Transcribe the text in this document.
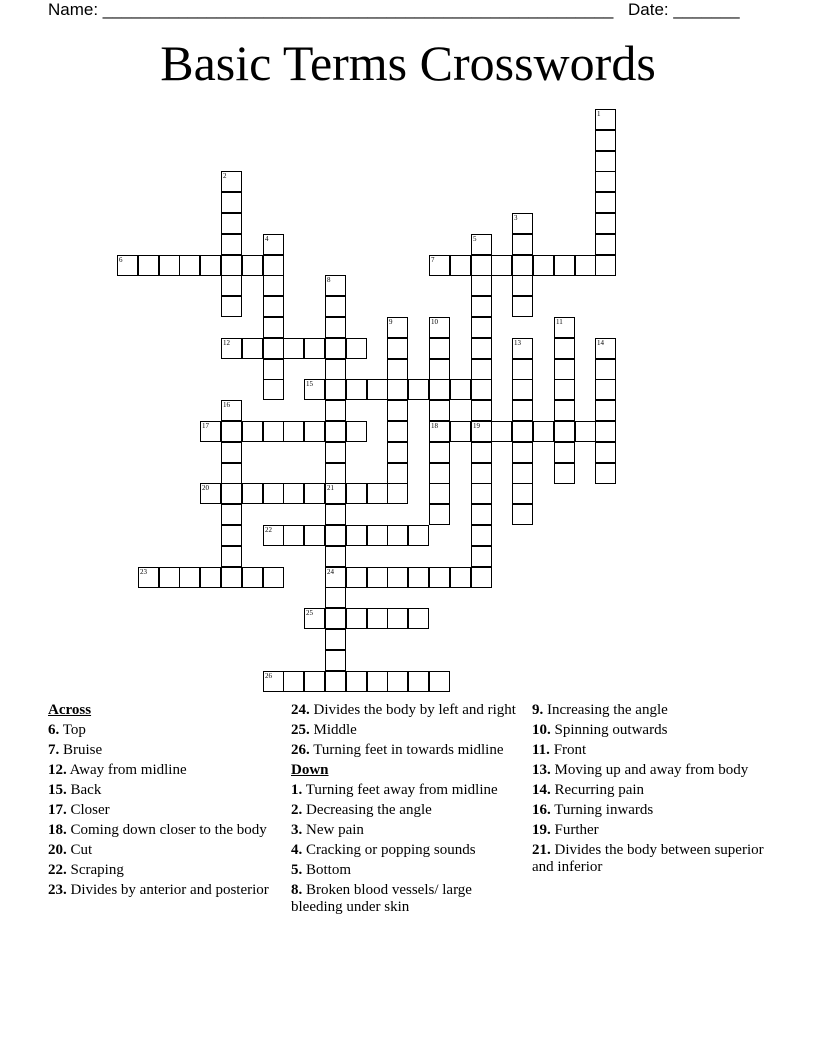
Name: ______________________________________________________ Date: _______
Basic Terms Crosswords
1
2
3
4	5
19
6	7
8
9	10
18
11
12	13	14
15
16
17
20	21
24
22
23
25
26
Across
6. Top
7. Bruise
12. Away from midline
15. Back
17. Closer
18. Coming down closer to the body
20. Cut
22. Scraping
23. Divides by anterior and posterior
24. Divides the body by left and right
25. Middle
26. Turning feet in towards midline
Down
1. Turning feet away from midline
2. Decreasing the angle
3. New pain
4. Cracking or popping sounds
5. Bottom
8. Broken blood vessels/ large bleeding under skin
9. Increasing the angle
10. Spinning outwards
11. Front
13. Moving up and away from body
14. Recurring pain
16. Turning inwards
19. Further
21. Divides the body between superior and inferior
